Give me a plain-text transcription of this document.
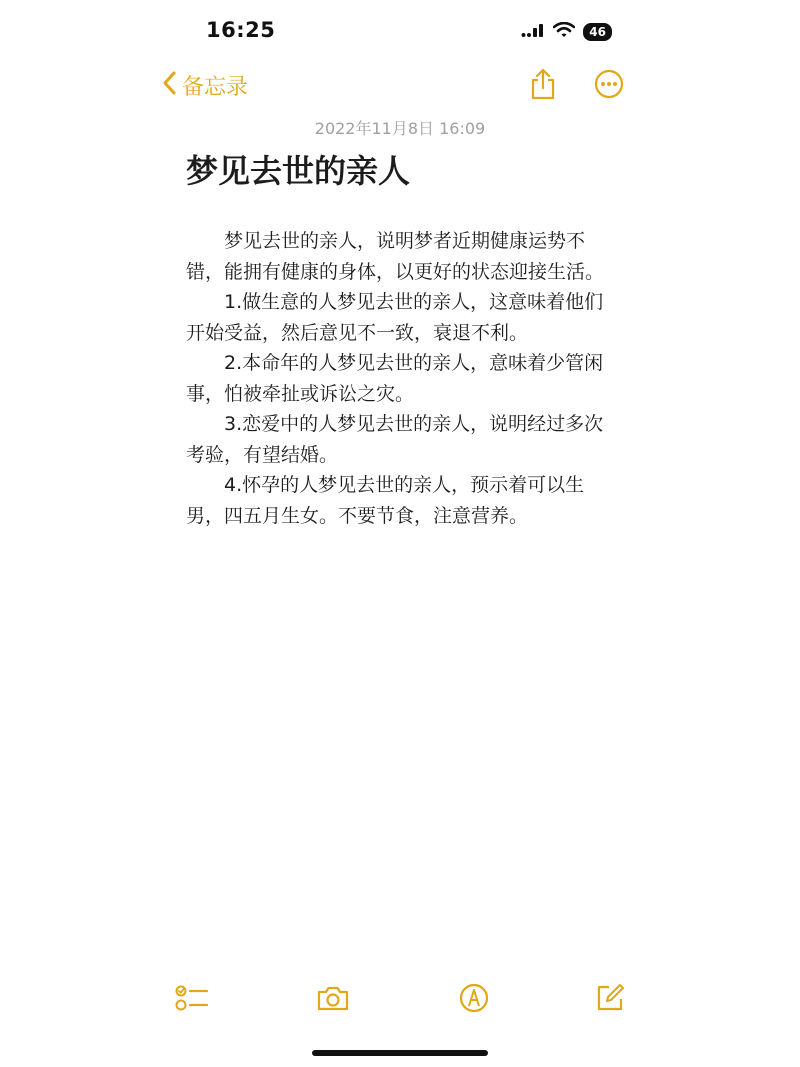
16:25	46
备忘录
2022年11月8日 16:09
梦见去世的亲人

梦见去世的亲人，说明梦者近期健康运势不错，能拥有健康的身体，以更好的状态迎接生活。

1.做生意的人梦见去世的亲人，这意味着他们开始受益，然后意见不一致，衰退不利。

2.本命年的人梦见去世的亲人，意味着少管闲事，怕被牵扯或诉讼之灾。

3.恋爱中的人梦见去世的亲人，说明经过多次考验，有望结婚。

4.怀孕的人梦见去世的亲人，预示着可以生男，四五月生女。不要节食，注意营养。
